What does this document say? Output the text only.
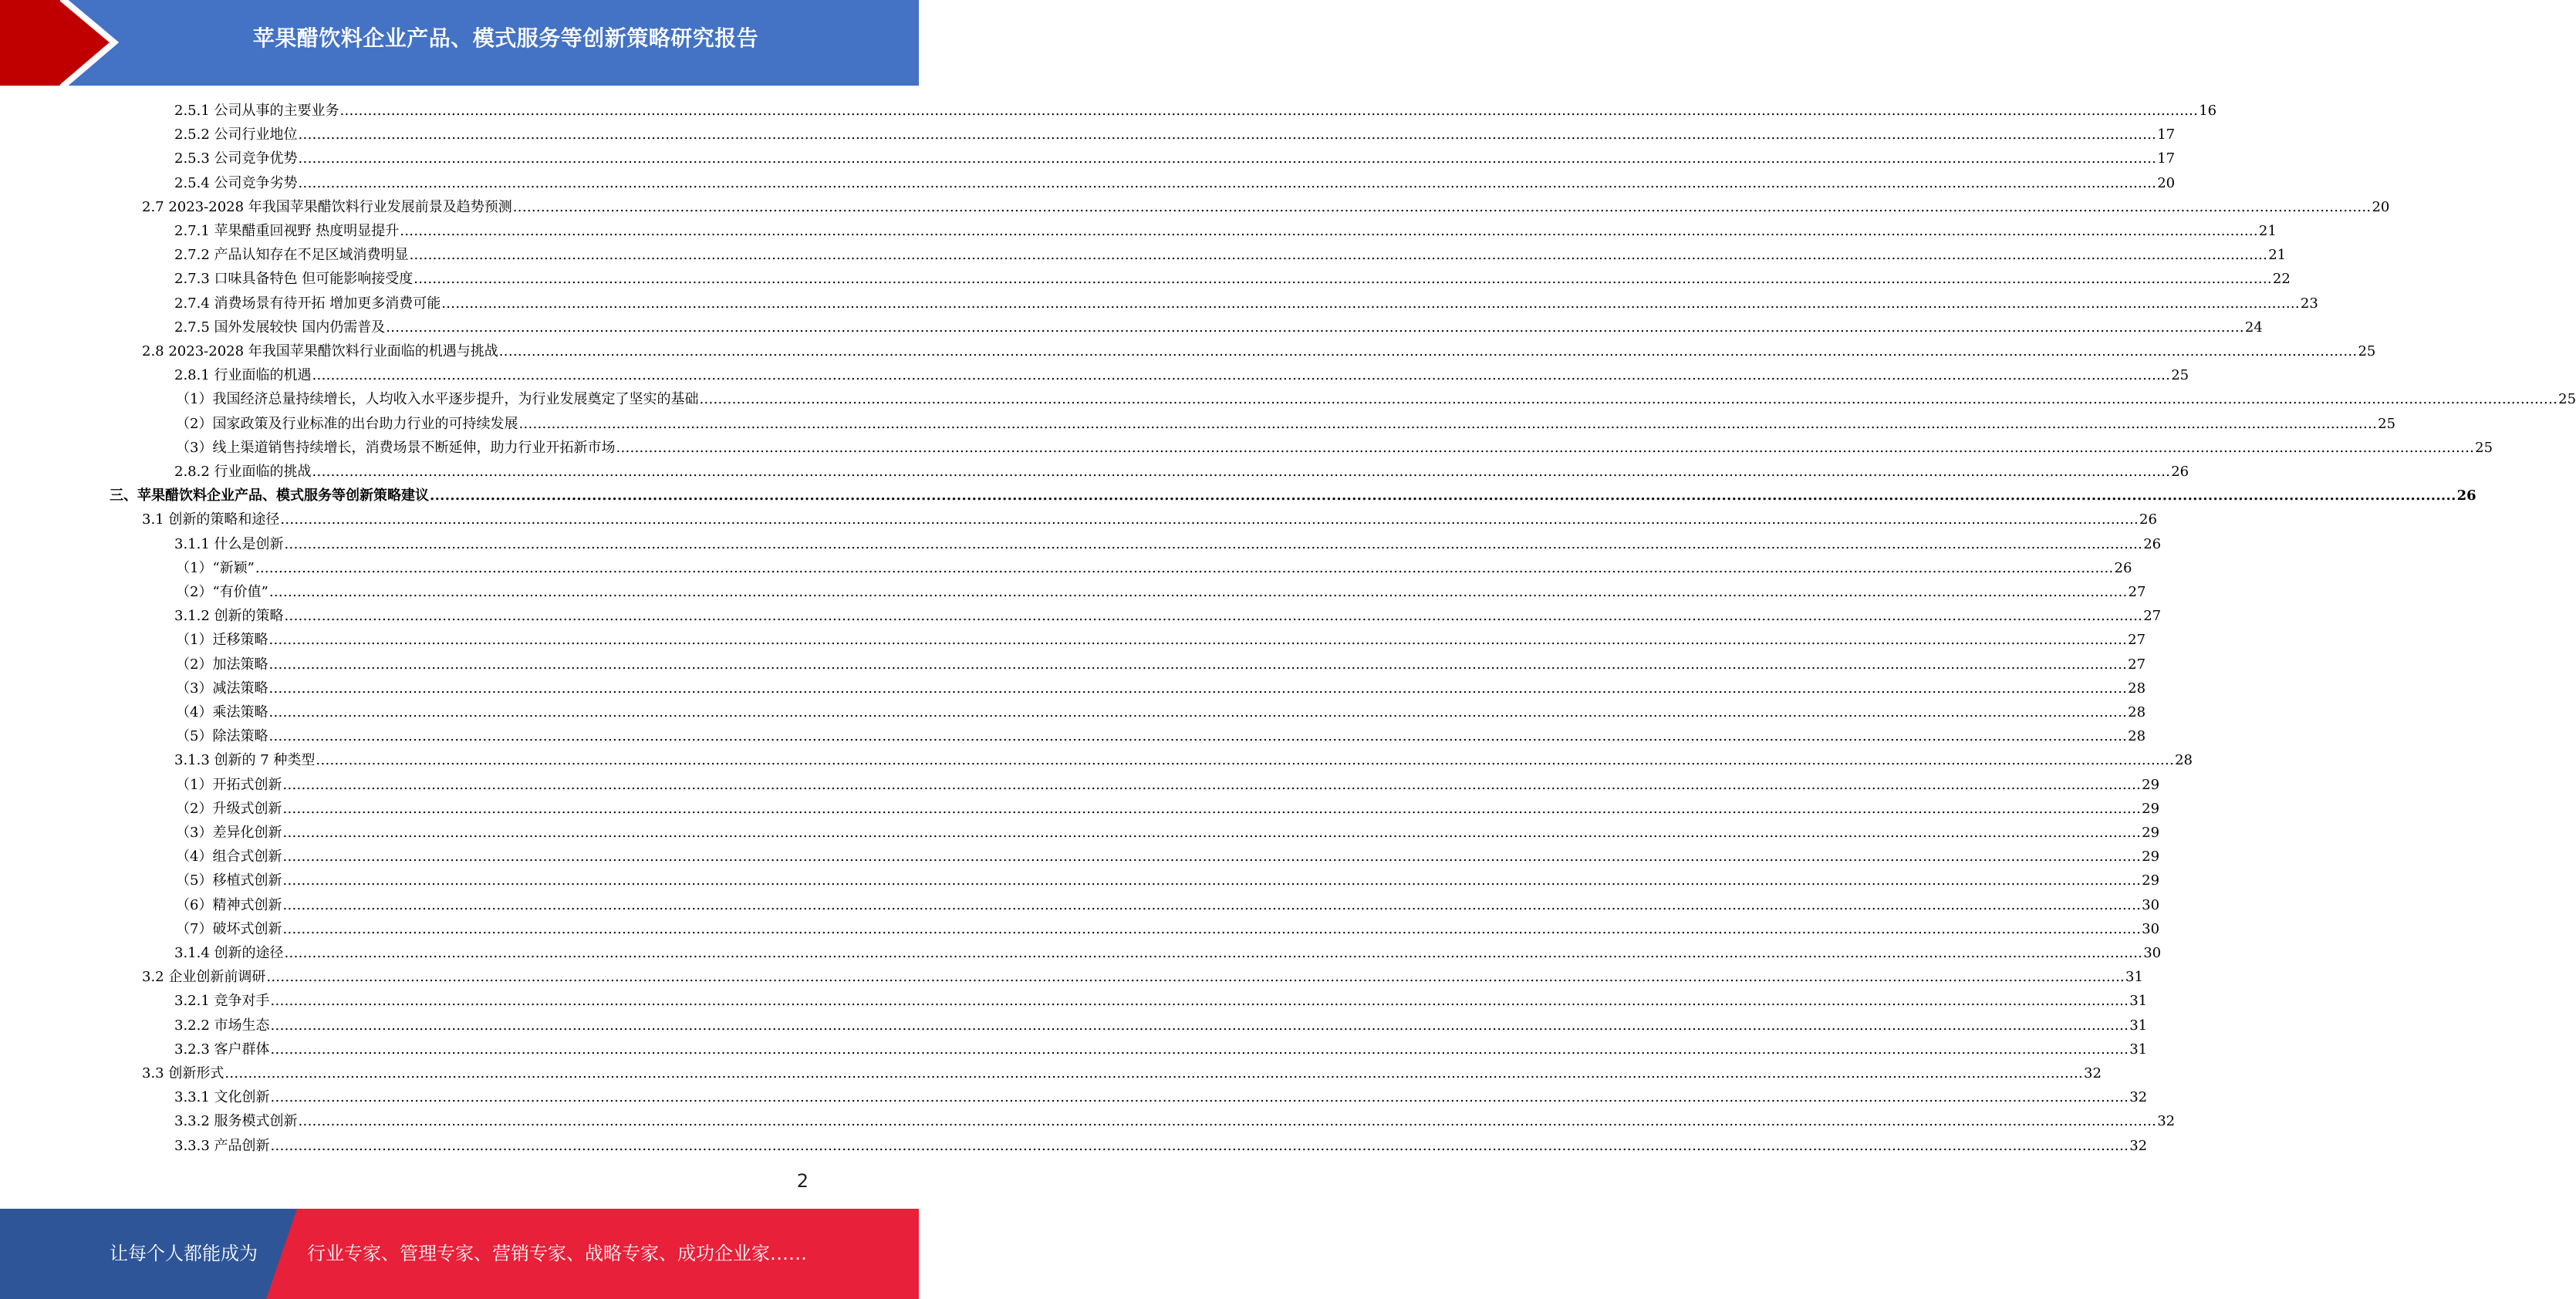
苹果醋饮料企业产品、模式服务等创新策略研究报告
2.5.1 公司从事的主要业务 ................................................................................................................................................................................................................................................................................................................................................................................................................ 16
2.5.2 公司行业地位 ................................................................................................................................................................................................................................................................................................................................................................................................................ 17
2.5.3 公司竞争优势 ................................................................................................................................................................................................................................................................................................................................................................................................................ 17
2.5.4 公司竞争劣势 ................................................................................................................................................................................................................................................................................................................................................................................................................ 20
2.7 2023-2028 年我国苹果醋饮料行业发展前景及趋势预测 ................................................................................................................................................................................................................................................................................................................................................................................................................ 20
2.7.1 苹果醋重回视野 热度明显提升 ................................................................................................................................................................................................................................................................................................................................................................................................................ 21
2.7.2 产品认知存在不足区域消费明显 ................................................................................................................................................................................................................................................................................................................................................................................................................ 21
2.7.3 口味具备特色 但可能影响接受度 ................................................................................................................................................................................................................................................................................................................................................................................................................ 22
2.7.4 消费场景有待开拓 增加更多消费可能 ................................................................................................................................................................................................................................................................................................................................................................................................................ 23
2.7.5 国外发展较快 国内仍需普及 ................................................................................................................................................................................................................................................................................................................................................................................................................ 24
2.8 2023-2028 年我国苹果醋饮料行业面临的机遇与挑战 ................................................................................................................................................................................................................................................................................................................................................................................................................ 25
2.8.1 行业面临的机遇 ................................................................................................................................................................................................................................................................................................................................................................................................................ 25
（1）我国经济总量持续增长，人均收入水平逐步提升，为行业发展奠定了坚实的基础 ................................................................................................................................................................................................................................................................................................................................................................................................................ 25
（2）国家政策及行业标准的出台助力行业的可持续发展 ................................................................................................................................................................................................................................................................................................................................................................................................................ 25
（3）线上渠道销售持续增长，消费场景不断延伸，助力行业开拓新市场 ................................................................................................................................................................................................................................................................................................................................................................................................................ 25
2.8.2 行业面临的挑战 ................................................................................................................................................................................................................................................................................................................................................................................................................ 26
三、苹果醋饮料企业产品、模式服务等创新策略建议 ................................................................................................................................................................................................................................................................................................................................................................................................................ 26
3.1 创新的策略和途径 ................................................................................................................................................................................................................................................................................................................................................................................................................ 26
3.1.1 什么是创新 ................................................................................................................................................................................................................................................................................................................................................................................................................ 26
（1）“新颖” ................................................................................................................................................................................................................................................................................................................................................................................................................ 26
（2）“有价值” ................................................................................................................................................................................................................................................................................................................................................................................................................ 27
3.1.2 创新的策略 ................................................................................................................................................................................................................................................................................................................................................................................................................ 27
（1）迁移策略 ................................................................................................................................................................................................................................................................................................................................................................................................................ 27
（2）加法策略 ................................................................................................................................................................................................................................................................................................................................................................................................................ 27
（3）减法策略 ................................................................................................................................................................................................................................................................................................................................................................................................................ 28
（4）乘法策略 ................................................................................................................................................................................................................................................................................................................................................................................................................ 28
（5）除法策略 ................................................................................................................................................................................................................................................................................................................................................................................................................ 28
3.1.3 创新的 7 种类型 ................................................................................................................................................................................................................................................................................................................................................................................................................ 28
（1）开拓式创新 ................................................................................................................................................................................................................................................................................................................................................................................................................ 29
（2）升级式创新 ................................................................................................................................................................................................................................................................................................................................................................................................................ 29
（3）差异化创新 ................................................................................................................................................................................................................................................................................................................................................................................................................ 29
（4）组合式创新 ................................................................................................................................................................................................................................................................................................................................................................................................................ 29
（5）移植式创新 ................................................................................................................................................................................................................................................................................................................................................................................................................ 29
（6）精神式创新 ................................................................................................................................................................................................................................................................................................................................................................................................................ 30
（7）破坏式创新 ................................................................................................................................................................................................................................................................................................................................................................................................................ 30
3.1.4 创新的途径 ................................................................................................................................................................................................................................................................................................................................................................................................................ 30
3.2 企业创新前调研 ................................................................................................................................................................................................................................................................................................................................................................................................................ 31
3.2.1 竞争对手 ................................................................................................................................................................................................................................................................................................................................................................................................................ 31
3.2.2 市场生态 ................................................................................................................................................................................................................................................................................................................................................................................................................ 31
3.2.3 客户群体 ................................................................................................................................................................................................................................................................................................................................................................................................................ 31
3.3 创新形式 ................................................................................................................................................................................................................................................................................................................................................................................................................ 32
3.3.1 文化创新 ................................................................................................................................................................................................................................................................................................................................................................................................................ 32
3.3.2 服务模式创新 ................................................................................................................................................................................................................................................................................................................................................................................................................ 32
3.3.3 产品创新 ................................................................................................................................................................................................................................................................................................................................................................................................................ 32
2
让每个人都能成为	行业专家、管理专家、营销专家、战略专家、成功企业家……
